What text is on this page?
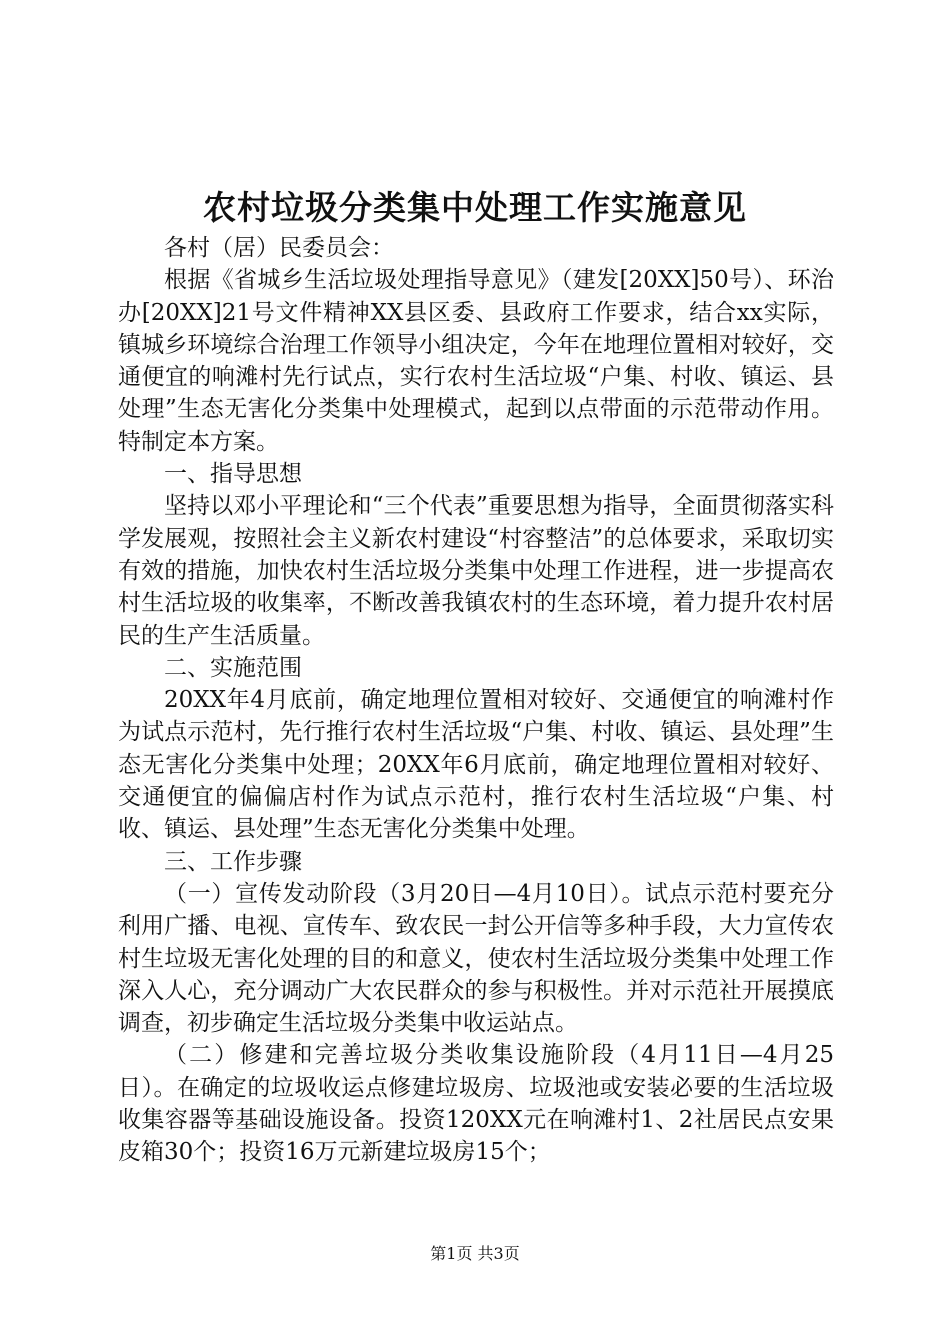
农村垃圾分类集中处理工作实施意见

各村（居）民委员会：

根据《省城乡生活垃圾处理指导意见》（建发[20XX]50号）、环治办[20XX]21号文件精神XX县区委、县政府工作要求，结合xx实际，镇城乡环境综合治理工作领导小组决定，今年在地理位置相对较好，交通便宜的响滩村先行试点，实行农村生活垃圾“户集、村收、镇运、县处理”生态无害化分类集中处理模式，起到以点带面的示范带动作用。特制定本方案。

一、指导思想

坚持以邓小平理论和“三个代表”重要思想为指导，全面贯彻落实科学发展观，按照社会主义新农村建设“村容整洁”的总体要求，采取切实有效的措施，加快农村生活垃圾分类集中处理工作进程，进一步提高农村生活垃圾的收集率，不断改善我镇农村的生态环境，着力提升农村居民的生产生活质量。

二、实施范围

20XX年4月底前，确定地理位置相对较好、交通便宜的响滩村作为试点示范村，先行推行农村生活垃圾“户集、村收、镇运、县处理”生态无害化分类集中处理；20XX年6月底前，确定地理位置相对较好、交通便宜的偏偏店村作为试点示范村，推行农村生活垃圾“户集、村收、镇运、县处理”生态无害化分类集中处理。

三、工作步骤

（一）宣传发动阶段（3月20日—4月10日）。试点示范村要充分利用广播、电视、宣传车、致农民一封公开信等多种手段，大力宣传农村生垃圾无害化处理的目的和意义，使农村生活垃圾分类集中处理工作深入人心，充分调动广大农民群众的参与积极性。并对示范社开展摸底调查，初步确定生活垃圾分类集中收运站点。

（二）修建和完善垃圾分类收集设施阶段（4月11日—4月25日）。在确定的垃圾收运点修建垃圾房、垃圾池或安装必要的生活垃圾收集容器等基础设施设备。投资120XX元在响滩村1、2社居民点安果皮箱30个；投资16万元新建垃圾房15个；

第1页 共3页
